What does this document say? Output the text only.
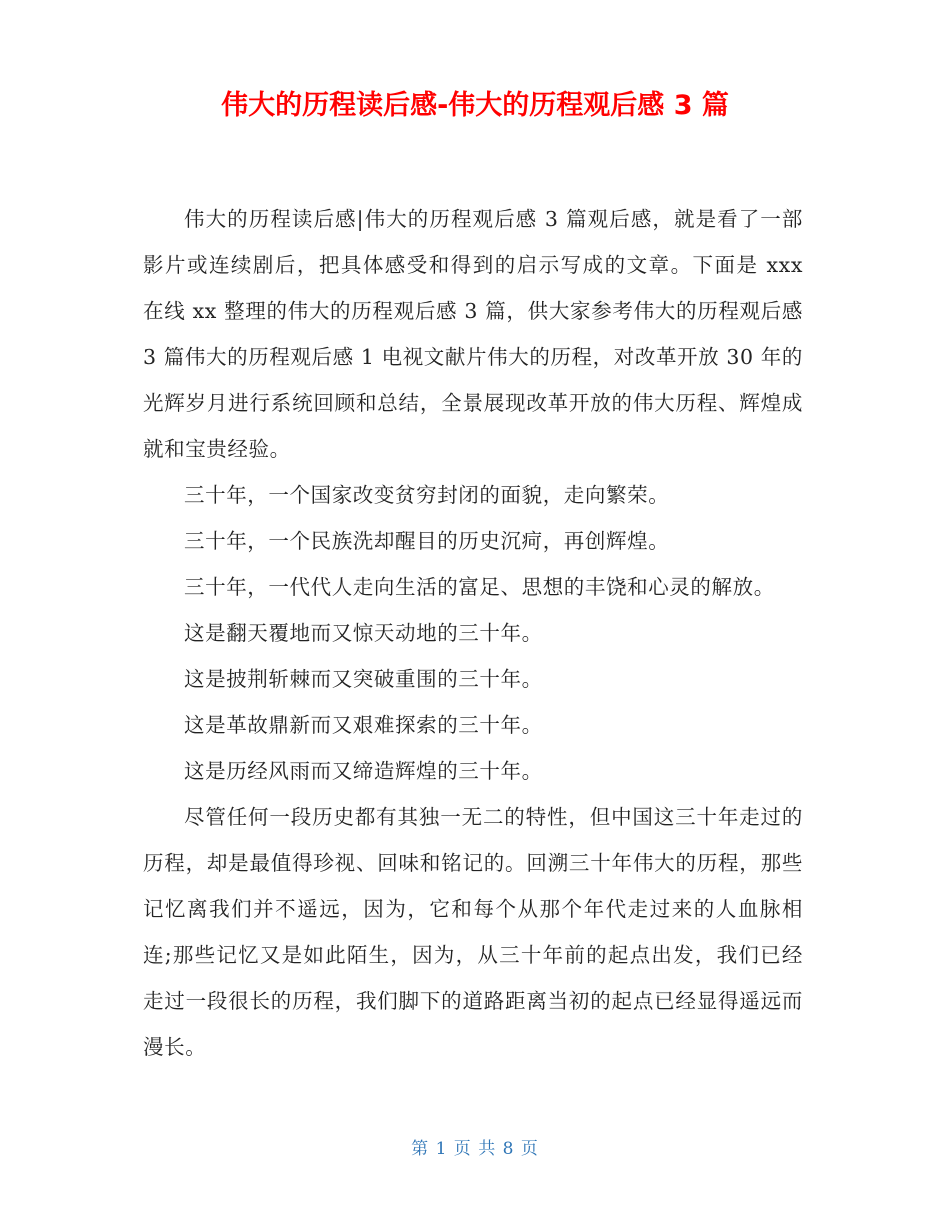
伟大的历程读后感-伟大的历程观后感 3 篇

伟大的历程读后感|伟大的历程观后感 3 篇观后感，就是看了一部影片或连续剧后，把具体感受和得到的启示写成的文章。下面是 xxx 在线 xx 整理的伟大的历程观后感 3 篇，供大家参考伟大的历程观后感 3 篇伟大的历程观后感 1 电视文献片伟大的历程，对改革开放 30 年的光辉岁月进行系统回顾和总结，全景展现改革开放的伟大历程、辉煌成就和宝贵经验。

三十年，一个国家改变贫穷封闭的面貌，走向繁荣。

三十年，一个民族洗却醒目的历史沉疴，再创辉煌。

三十年，一代代人走向生活的富足、思想的丰饶和心灵的解放。

这是翻天覆地而又惊天动地的三十年。

这是披荆斩棘而又突破重围的三十年。

这是革故鼎新而又艰难探索的三十年。

这是历经风雨而又缔造辉煌的三十年。

尽管任何一段历史都有其独一无二的特性，但中国这三十年走过的历程，却是最值得珍视、回味和铭记的。回溯三十年伟大的历程，那些记忆离我们并不遥远，因为，它和每个从那个年代走过来的人血脉相连;那些记忆又是如此陌生，因为，从三十年前的起点出发，我们已经走过一段很长的历程，我们脚下的道路距离当初的起点已经显得遥远而漫长。

第 1 页 共 8 页
